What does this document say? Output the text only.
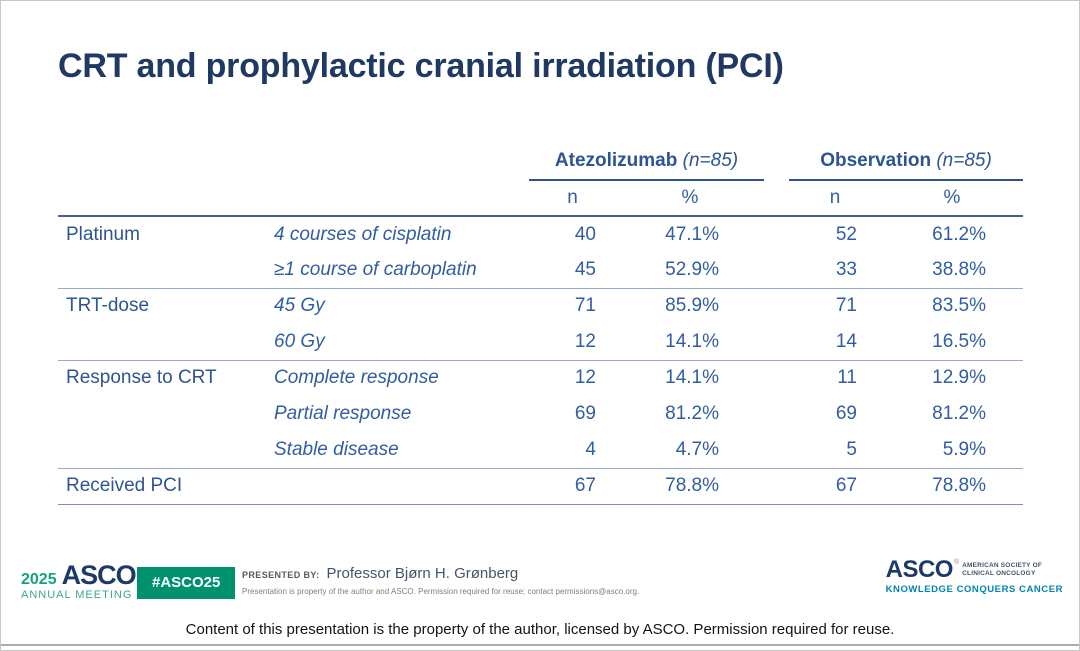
CRT and prophylactic cranial irradiation (PCI)
		Atezolizumab (n=85)			Observation (n=85)	
		n	%		n	%
Platinum	4 courses of cisplatin	40	47.1%		52	61.2%
	≥1 course of carboplatin	45	52.9%		33	38.8%
TRT-dose	45 Gy	71	85.9%		71	83.5%
	60 Gy	12	14.1%		14	16.5%
Response to CRT	Complete response	12	14.1%		11	12.9%
	Partial response	69	81.2%		69	81.2%
	Stable disease	4	4.7%		5	5.9%
Received PCI		67	78.8%		67	78.8%
2025 ASCO
ANNUAL MEETING
#ASCO25	PRESENTED BY: Professor Bjørn H. Grønberg
Presentation is property of the author and ASCO. Permission required for reuse; contact permissions@asco.org.
ASCO ® AMERICAN SOCIETY OF
CLINICAL ONCOLOGY
KNOWLEDGE CONQUERS CANCER
Content of this presentation is the property of the author, licensed by ASCO. Permission required for reuse.
